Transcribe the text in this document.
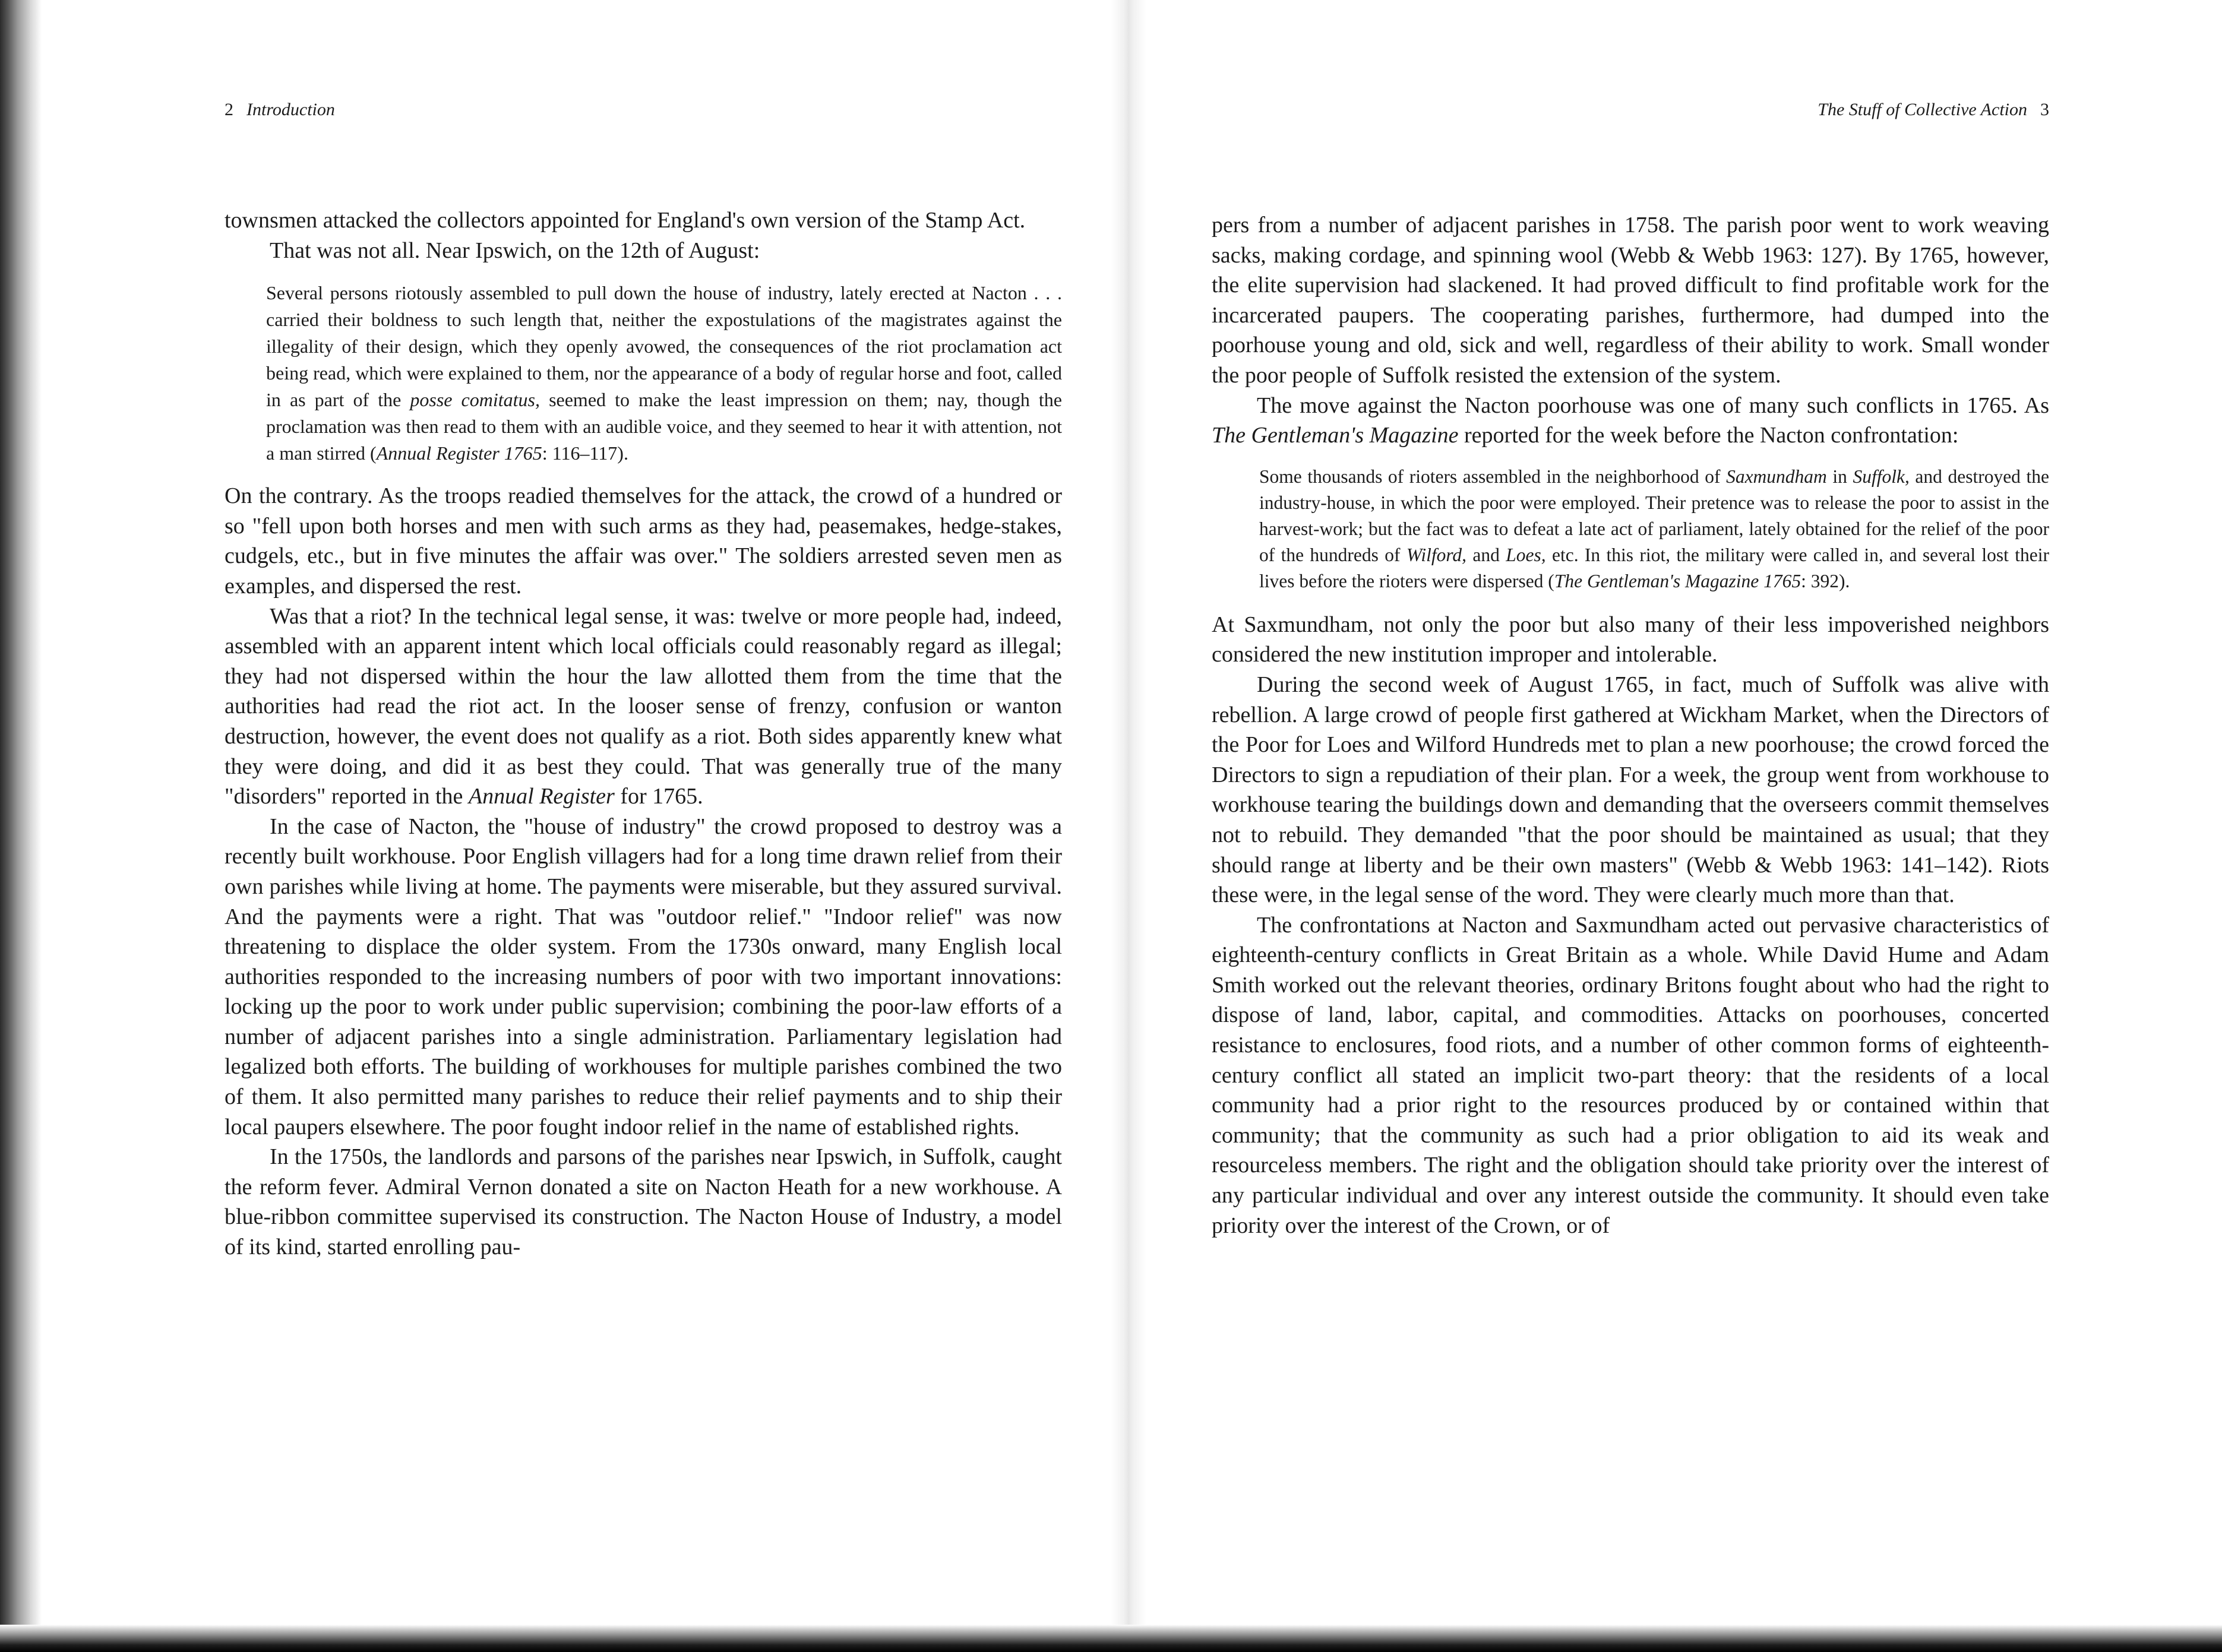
2 Introduction

townsmen attacked the collectors appointed for England's own version of the Stamp Act.

That was not all. Near Ipswich, on the 12th of August:

Several persons riotously assembled to pull down the house of industry, lately erected at Nacton . . . carried their boldness to such length that, neither the expostulations of the magistrates against the illegality of their design, which they openly avowed, the consequences of the riot proclamation act being read, which were explained to them, nor the appearance of a body of regular horse and foot, called in as part of the posse comitatus, seemed to make the least impression on them; nay, though the proclamation was then read to them with an audible voice, and they seemed to hear it with attention, not a man stirred (Annual Register 1765: 116–117).

On the contrary. As the troops readied themselves for the attack, the crowd of a hundred or so "fell upon both horses and men with such arms as they had, peasemakes, hedge-stakes, cudgels, etc., but in five minutes the affair was over." The soldiers arrested seven men as examples, and dispersed the rest.

Was that a riot? In the technical legal sense, it was: twelve or more people had, indeed, assembled with an apparent intent which local officials could reasonably regard as illegal; they had not dispersed within the hour the law allotted them from the time that the authorities had read the riot act. In the looser sense of frenzy, confusion or wanton destruction, however, the event does not qualify as a riot. Both sides apparently knew what they were doing, and did it as best they could. That was generally true of the many "disorders" reported in the Annual Register for 1765.

In the case of Nacton, the "house of industry" the crowd proposed to destroy was a recently built workhouse. Poor English villagers had for a long time drawn relief from their own parishes while living at home. The payments were miserable, but they assured survival. And the payments were a right. That was "outdoor relief." "Indoor relief" was now threatening to displace the older system. From the 1730s onward, many English local authorities responded to the increasing numbers of poor with two important innovations: locking up the poor to work under public supervision; combining the poor-law efforts of a number of adjacent parishes into a single administration. Parliamentary legislation had legalized both efforts. The building of workhouses for multiple parishes combined the two of them. It also permitted many parishes to reduce their relief payments and to ship their local paupers elsewhere. The poor fought indoor relief in the name of established rights.

In the 1750s, the landlords and parsons of the parishes near Ipswich, in Suffolk, caught the reform fever. Admiral Vernon donated a site on Nacton Heath for a new workhouse. A blue-ribbon committee supervised its construction. The Nacton House of Industry, a model of its kind, started enrolling pau-

The Stuff of Collective Action 3

pers from a number of adjacent parishes in 1758. The parish poor went to work weaving sacks, making cordage, and spinning wool (Webb & Webb 1963: 127). By 1765, however, the elite supervision had slackened. It had proved difficult to find profitable work for the incarcerated paupers. The cooperating parishes, furthermore, had dumped into the poorhouse young and old, sick and well, regardless of their ability to work. Small wonder the poor people of Suffolk resisted the extension of the system.

The move against the Nacton poorhouse was one of many such conflicts in 1765. As The Gentleman's Magazine reported for the week before the Nacton confrontation:

Some thousands of rioters assembled in the neighborhood of Saxmundham in Suffolk, and destroyed the industry-house, in which the poor were employed. Their pretence was to release the poor to assist in the harvest-work; but the fact was to defeat a late act of parliament, lately obtained for the relief of the poor of the hundreds of Wilford, and Loes, etc. In this riot, the military were called in, and several lost their lives before the rioters were dispersed (The Gentleman's Magazine 1765: 392).

At Saxmundham, not only the poor but also many of their less impoverished neighbors considered the new institution improper and intolerable.

During the second week of August 1765, in fact, much of Suffolk was alive with rebellion. A large crowd of people first gathered at Wickham Market, when the Directors of the Poor for Loes and Wilford Hundreds met to plan a new poorhouse; the crowd forced the Directors to sign a repudiation of their plan. For a week, the group went from workhouse to workhouse tearing the buildings down and demanding that the overseers commit themselves not to rebuild. They demanded "that the poor should be maintained as usual; that they should range at liberty and be their own masters" (Webb & Webb 1963: 141–142). Riots these were, in the legal sense of the word. They were clearly much more than that.

The confrontations at Nacton and Saxmundham acted out pervasive characteristics of eighteenth-century conflicts in Great Britain as a whole. While David Hume and Adam Smith worked out the relevant theories, ordinary Britons fought about who had the right to dispose of land, labor, capital, and commodities. Attacks on poorhouses, concerted resistance to enclosures, food riots, and a number of other common forms of eighteenth-century conflict all stated an implicit two-part theory: that the residents of a local community had a prior right to the resources produced by or contained within that community; that the community as such had a prior obligation to aid its weak and resourceless members. The right and the obligation should take priority over the interest of any particular individual and over any interest outside the community. It should even take priority over the interest of the Crown, or of
